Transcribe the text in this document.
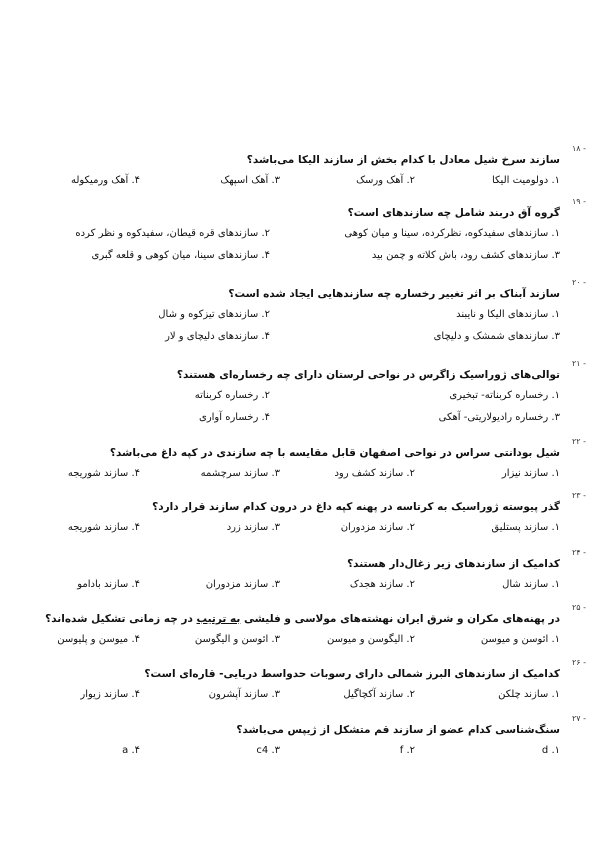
۱۸ -
سازند سرخ شیل معادل با کدام بخش از سازند الیکا می‌باشد؟
۱. دولومیت الیکا
۲. آهک ورسک
۳. آهک اسپهک
۴. آهک ورمیکوله
۱۹ -
گروه آق دربند شامل چه سازندهای است؟
۱. سازندهای سفیدکوه، نظرکرده، سینا و میان کوهی
۲. سازندهای قره قیطان، سفیدکوه و نظر کرده
۳. سازندهای کشف رود، باش کلاته و چمن بید
۴. سازندهای سینا، میان کوهی و قلعه گبری
۲۰ -
سازند آبناک بر اثر تغییر رخساره چه سازندهایی ایجاد شده است؟
۱. سازندهای الیکا و نایبند
۲. سازندهای تیزکوه و شال
۳. سازندهای شمشک و دلیچای
۴. سازندهای دلیچای و لار
۲۱ -
توالی‌های ژوراسیک زاگرس در نواحی لرستان دارای چه رخساره‌ای هستند؟
۱. رخساره کربناته- تبخیری
۲. رخساره کربناته
۳. رخساره رادیولاریتی- آهکی
۴. رخساره آواری
۲۲ -
شیل بودانتی سراس در نواحی اصفهان قابل مقایسه با چه سازندی در کپه داغ می‌باشد؟
۱. سازند نیزار
۲. سازند کشف رود
۳. سازند سرچشمه
۴. سازند شوریجه
۲۳ -
گذر پیوسته ژوراسیک به کرتاسه در پهنه کپه داغ در درون کدام سازند قرار دارد؟
۱. سازند پستلیق
۲. سازند مزدوران
۳. سازند زرد
۴. سازند شوریجه
۲۴ -
کدامیک از سازندهای زیر زغال‌دار هستند؟
۱. سازند شال
۲. سازند هجدک
۳. سازند مزدوران
۴. سازند بادامو
۲۵ -
در پهنه‌های مکران و شرق ایران نهشته‌های مولاسی و فلیشی به ترتیب در چه زمانی تشکیل شده‌اند؟
۱. ائوسن و میوسن
۲. الیگوسن و میوسن
۳. ائوسن و الیگوسن
۴. میوسن و پلیوسن
۲۶ -
کدامیک از سازندهای البرز شمالی دارای رسوبات حدواسط دریایی- قاره‌ای است؟
۱. سازند چلکن
۲. سازند آکچاگیل
۳. سازند آپشرون
۴. سازند زیوار
۲۷ -
سنگ‌شناسی کدام عضو از سازند قم متشکل از ژیپس می‌باشد؟
۱. d
۲. f
۳. c4
۴. a
